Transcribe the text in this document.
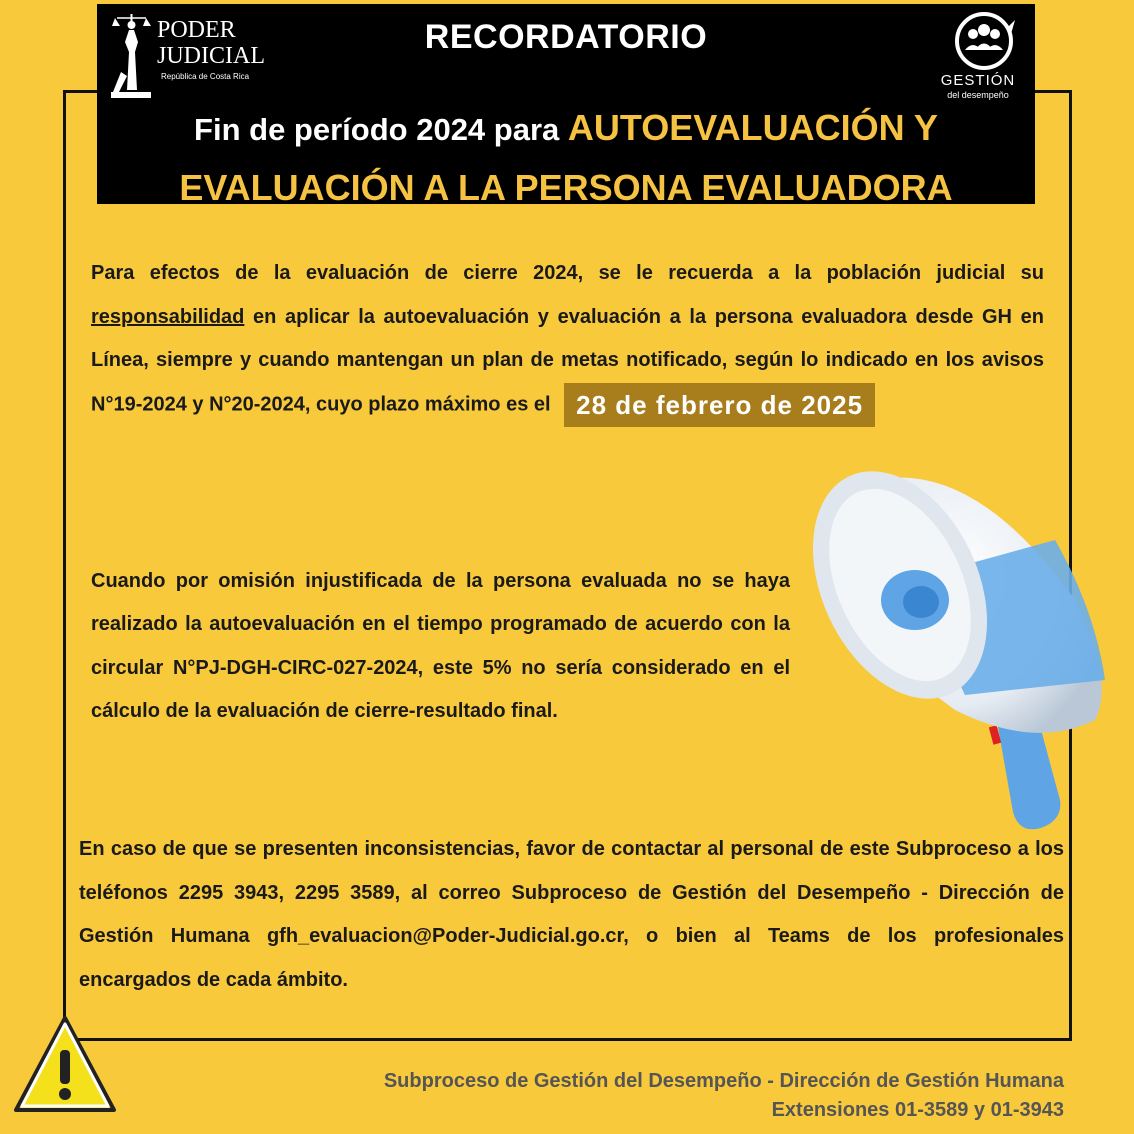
PODER
JUDICIAL
República de Costa Rica
RECORDATORIO
GESTIÓN
del desempeño
Fin de período 2024 para AUTOEVALUACIÓN Y EVALUACIÓN A LA PERSONA EVALUADORA
Para efectos de la evaluación de cierre 2024, se le recuerda a la población judicial su responsabilidad en aplicar la autoevaluación y evaluación a la persona evaluadora desde GH en Línea, siempre y cuando mantengan un plan de metas notificado, según lo indicado en los avisos N°19-2024 y N°20-2024, cuyo plazo máximo es el 28 de febrero de 2025
Cuando por omisión injustificada de la persona evaluada no se haya realizado la autoevaluación en el tiempo programado de acuerdo con la circular N°PJ-DGH-CIRC-027-2024, este 5% no sería considerado en el cálculo de la evaluación de cierre-resultado final.
En caso de que se presenten inconsistencias, favor de contactar al personal de este Subproceso a los teléfonos 2295 3943, 2295 3589, al correo Subproceso de Gestión del Desempeño - Dirección de Gestión Humana gfh_evaluacion@Poder-Judicial.go.cr, o bien al Teams de los profesionales encargados de cada ámbito.
Subproceso de Gestión del Desempeño - Dirección de Gestión Humana
Extensiones 01-3589 y 01-3943
